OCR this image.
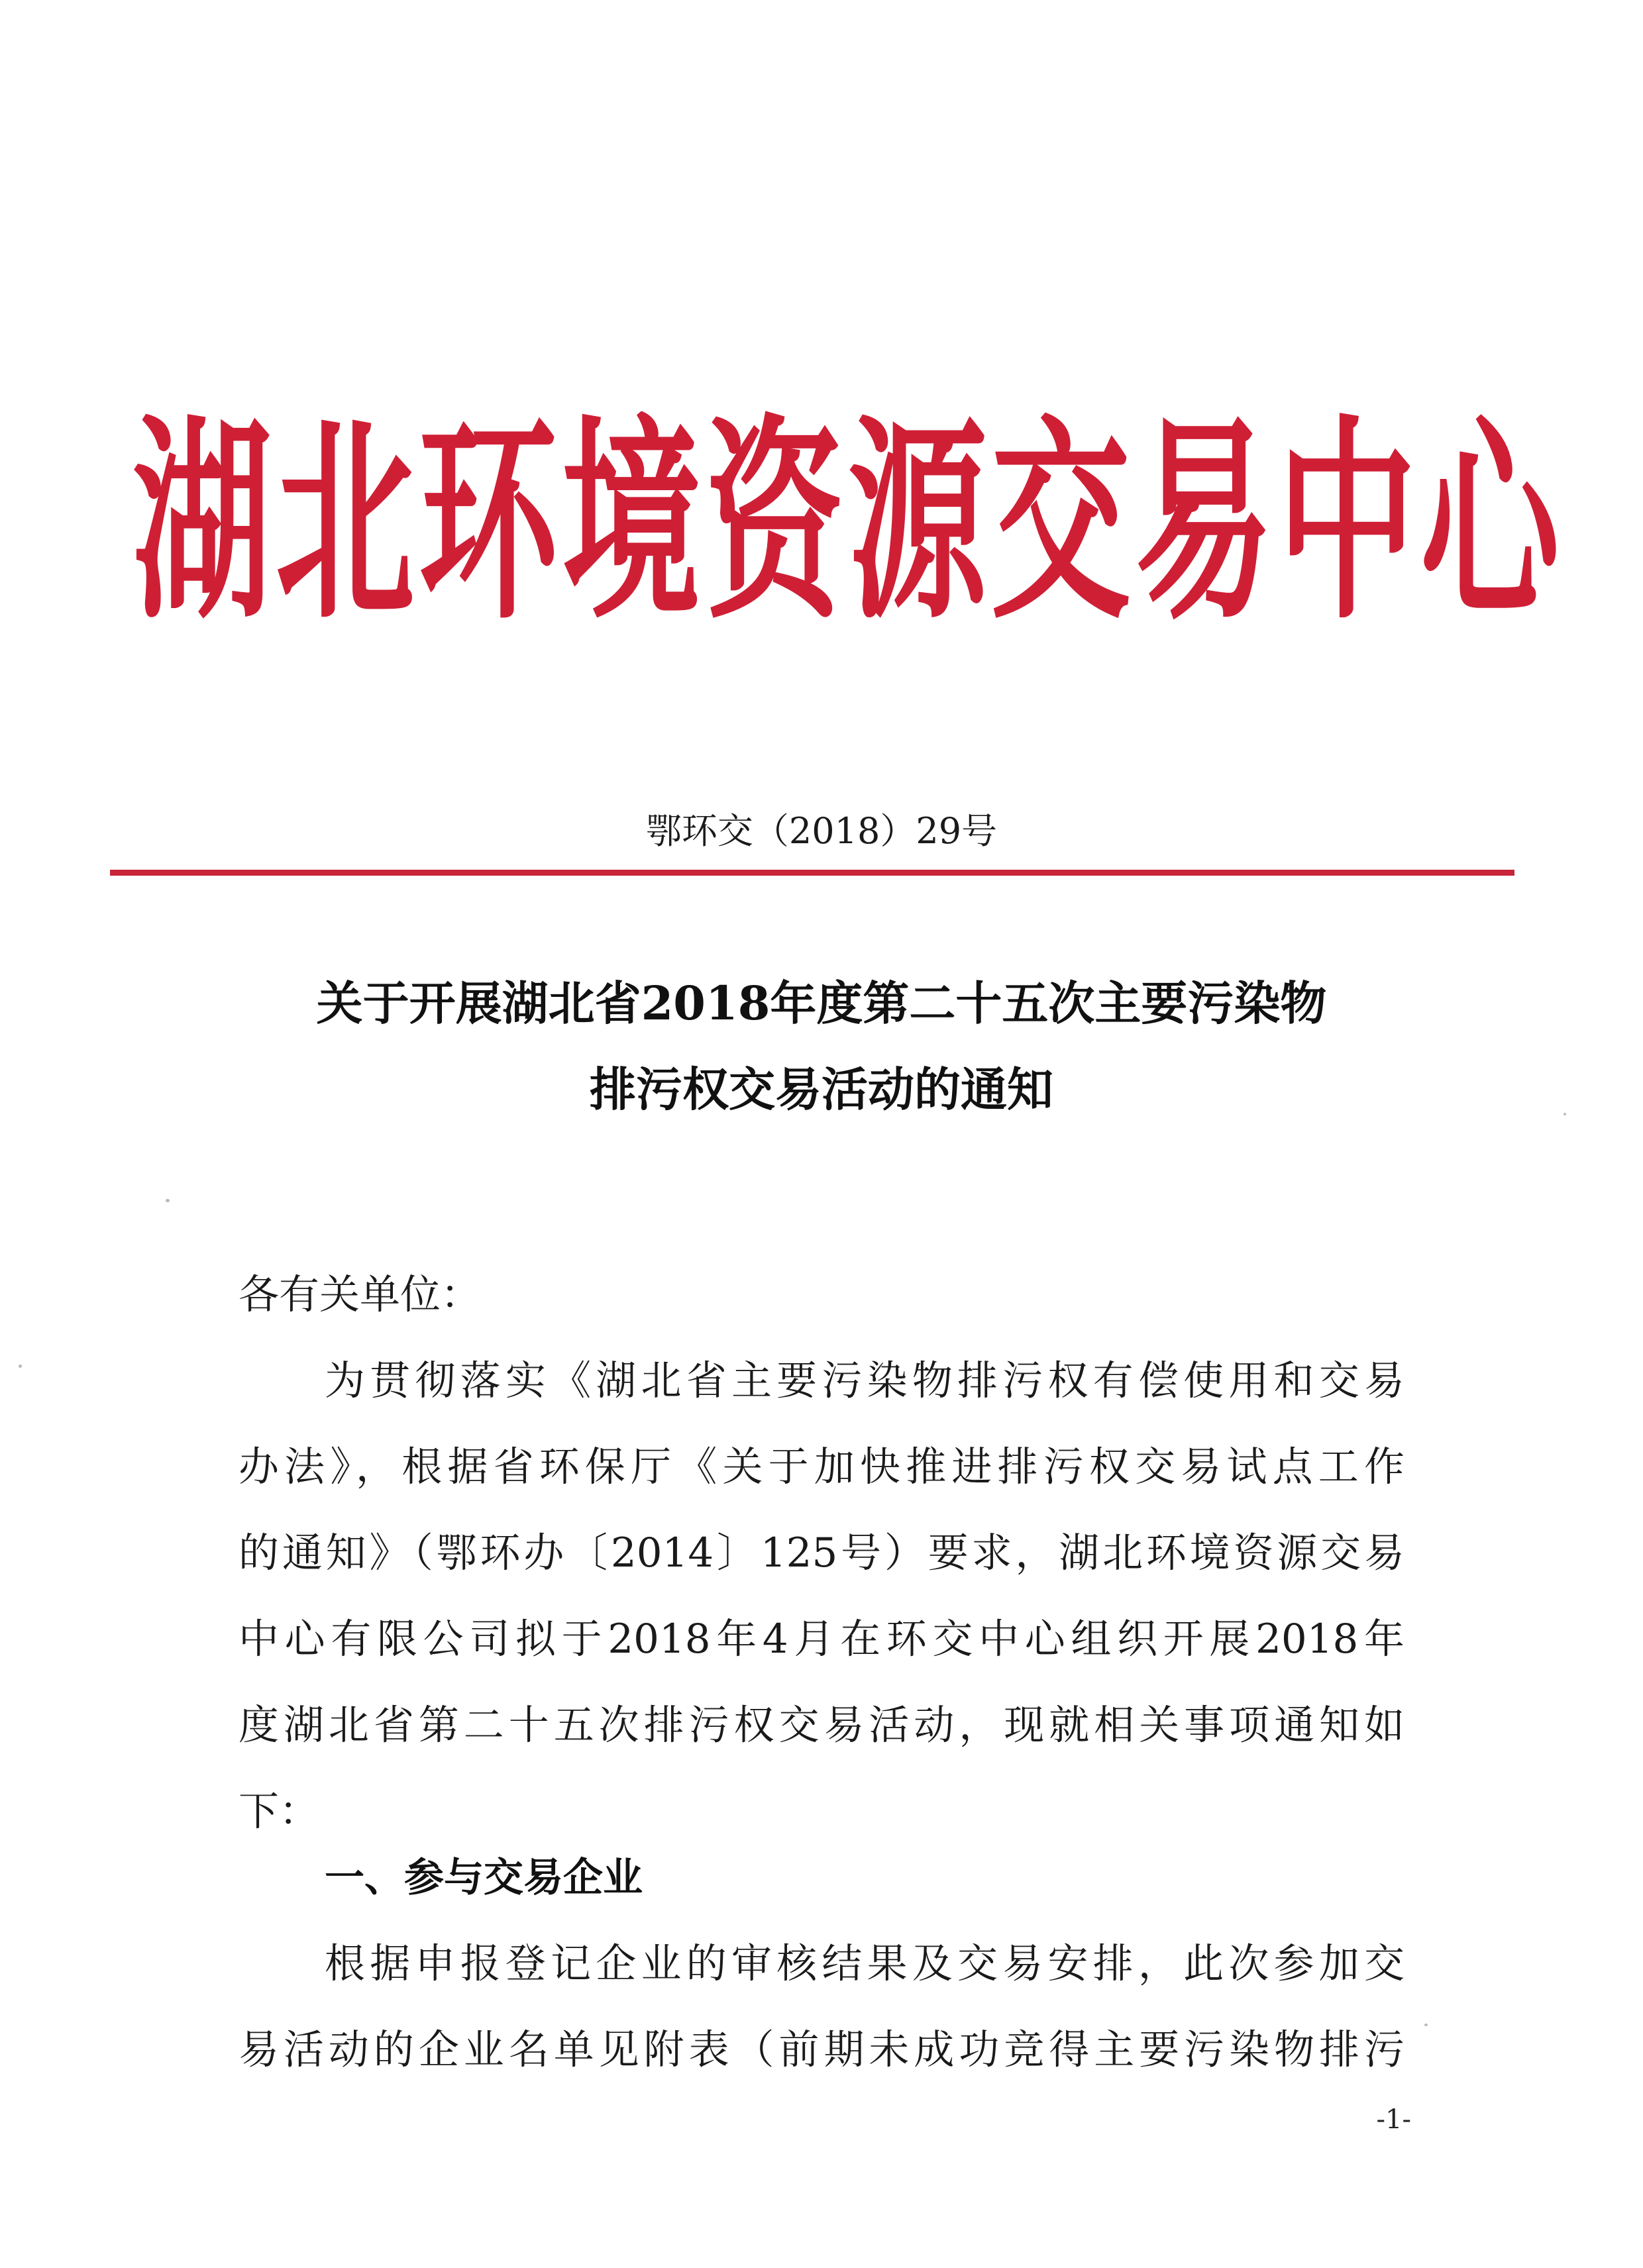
湖北环境资源交易中心
鄂环交（2018）29号
关于开展湖北省2018年度第二十五次主要污染物
排污权交易活动的通知
各有关单位：
为贯彻落实《湖北省主要污染物排污权有偿使用和交易
办法》，根据省环保厅《关于加快推进排污权交易试点工作
的通知》（鄂环办〔2014〕125号）要求，湖北环境资源交易
中心有限公司拟于2018年4月在环交中心组织开展2018年
度湖北省第二十五次排污权交易活动，现就相关事项通知如
下：
一、参与交易企业
根据申报登记企业的审核结果及交易安排，此次参加交
易活动的企业名单见附表（前期未成功竞得主要污染物排污
-1-
